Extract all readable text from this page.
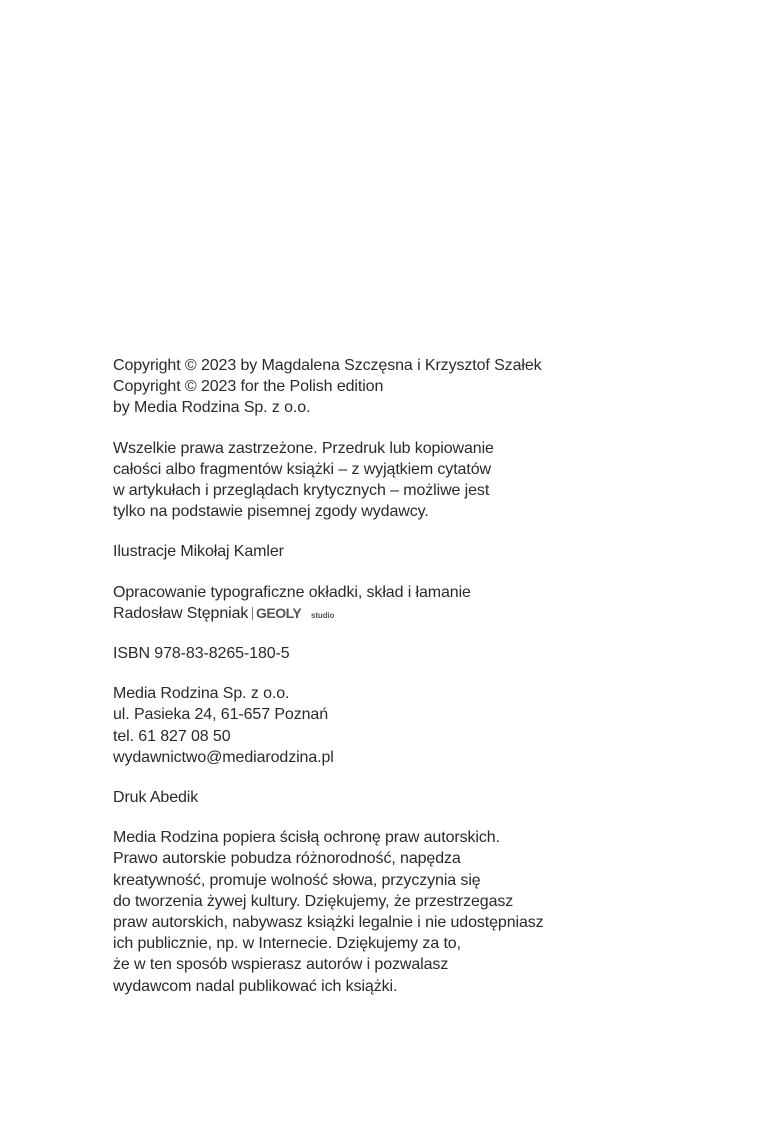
Copyright © 2023 by Magdalena Szczęsna i Krzysztof Szałek
Copyright © 2023 for the Polish edition
by Media Rodzina Sp. z o.o.
Wszelkie prawa zastrzeżone. Przedruk lub kopiowanie
całości albo fragmentów książki – z wyjątkiem cytatów
w artykułach i przeglądach krytycznych – możliwe jest
tylko na podstawie pisemnej zgody wydawcy.
Ilustracje Mikołaj Kamler
Opracowanie typograficzne okładki, skład i łamanie
Radosław Stępniak GEOLY studio
ISBN 978-83-8265-180-5
Media Rodzina Sp. z o.o.
ul. Pasieka 24, 61-657 Poznań
tel. 61 827 08 50
wydawnictwo@mediarodzina.pl
Druk Abedik
Media Rodzina popiera ścisłą ochronę praw autorskich.
Prawo autorskie pobudza różnorodność, napędza
kreatywność, promuje wolność słowa, przyczynia się
do tworzenia żywej kultury. Dziękujemy, że przestrzegasz
praw autorskich, nabywasz książki legalnie i nie udostępniasz
ich publicznie, np. w Internecie. Dziękujemy za to,
że w ten sposób wspierasz autorów i pozwalasz
wydawcom nadal publikować ich książki.
